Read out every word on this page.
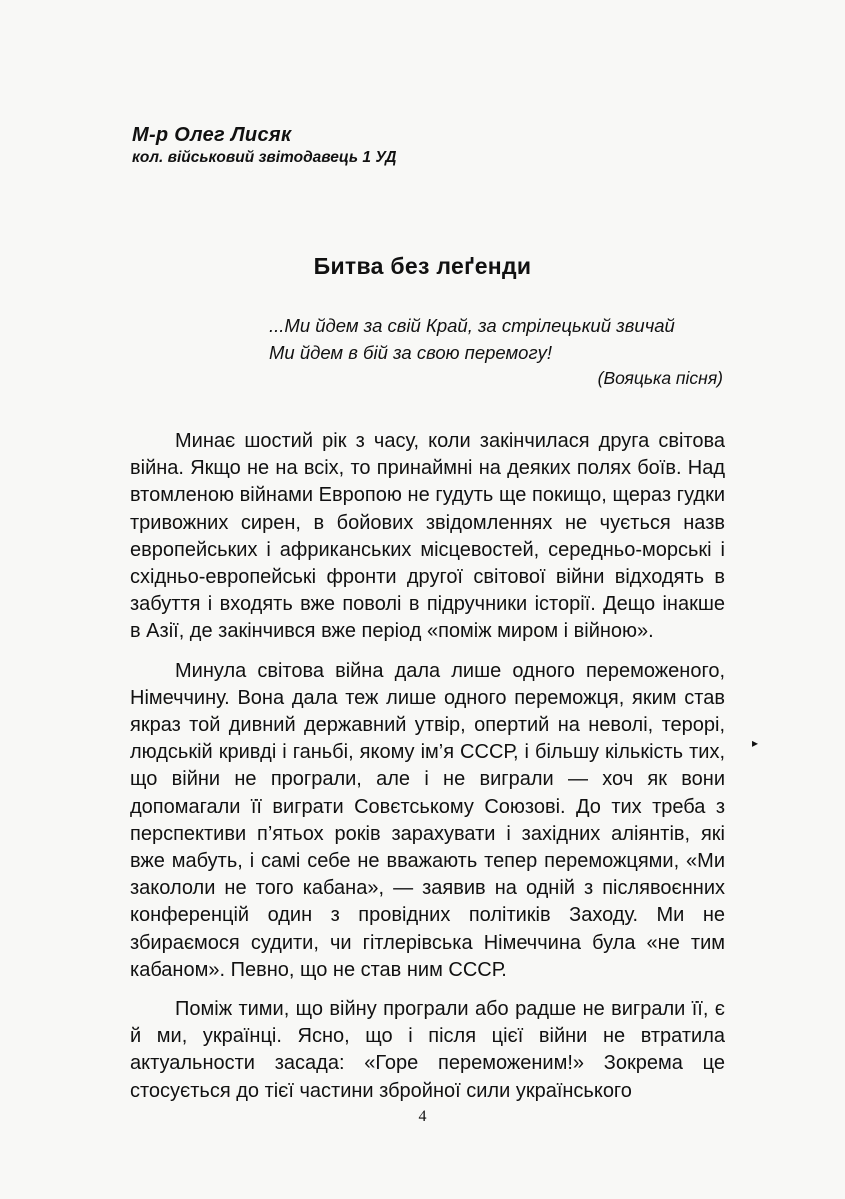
М-р Олег Лисяк
кол. військовий звітодавець 1 УД
Битва без леґенди
...Ми йдем за свій Край, за стрілецький звичай
Ми йдем в бій за свою перемогу!
(Вояцька пісня)

Минає шостий рік з часу, коли закінчилася друга світова війна. Якщо не на всіх, то принаймні на деяких полях боїв. Над втомленою війнами Европою не гудуть ще покищо, щераз гудки тривожних сирен, в бойових звідомленнях не чується назв европейських і африканських місцевостей, середньо-морські і східньо-европейські фронти другої світової війни відходять в забуття і входять вже поволі в підручники історії. Дещо інакше в Азії, де закінчився вже період «поміж миром і війною».

Минула світова війна дала лише одного переможеного, Німеччину. Вона дала теж лише одного переможця, яким став якраз той дивний державний утвір, опертий на неволі, терорі, людській кривді і ганьбі, якому ім’я СССР, і більшу кількість тих, що війни не програли, але і не виграли — хоч як вони допомагали її виграти Совєтському Союзові. До тих треба з перспективи п’ятьох років зарахувати і західних аліянтів, які вже мабуть, і самі себе не вважають тепер переможцями, «Ми закололи не того кабана», — заявив на одній з післявоєнних конференцій один з провідних політиків Заходу. Ми не збираємося судити, чи гітлерівська Німеччина була «не тим кабаном». Певно, що не став ним СССР.

Поміж тими, що війну програли або радше не виграли її, є й ми, українці. Ясно, що і після цієї війни не втратила актуальности засада: «Горе переможеним!» Зокрема це стосується до тієї частини збройної сили українського

▸
4
